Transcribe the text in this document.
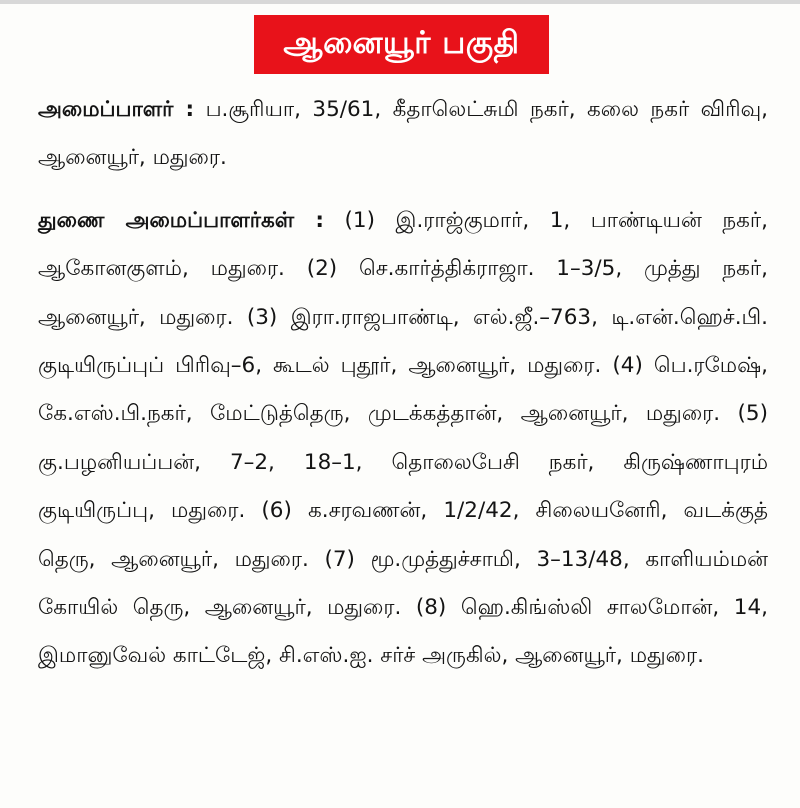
ஆனையூர் பகுதி

அமைப்பாளர் : ப.சூரியா, 35/61, கீதாலெட்சுமி நகர், கலை நகர் விரிவு, ஆனையூர், மதுரை.

துணை அமைப்பாளர்கள் : (1) இ.ராஜ்குமார், 1, பாண்டியன் நகர், ஆகோனகுளம், மதுரை. (2) செ.கார்த்திக்ராஜா. 1–3/5, முத்து நகர், ஆனையூர், மதுரை. (3) இரா.ராஜபாண்டி, எல்.ஜீ.–763, டி.என்.ஹெச்.பி. குடியிருப்புப் பிரிவு–6, கூடல் புதூர், ஆனையூர், மதுரை. (4) பெ.ரமேஷ், கே.எஸ்.பி.நகர், மேட்டுத்தெரு, முடக்கத்தான், ஆனையூர், மதுரை. (5) கு.பழனியப்பன், 7–2, 18–1, தொலைபேசி நகர், கிருஷ்ணாபுரம் குடியிருப்பு, மதுரை. (6) க.சரவணன், 1/2/42, சிலையனேரி, வடக்குத் தெரு, ஆனையூர், மதுரை. (7) மூ.முத்துச்சாமி, 3–13/48, காளியம்மன் கோயில் தெரு, ஆனையூர், மதுரை. (8) ஹெ.கிங்ஸ்லி சாலமோன், 14, இமானுவேல் காட்டேஜ், சி.எஸ்.ஐ. சர்ச் அருகில், ஆனையூர், மதுரை.
